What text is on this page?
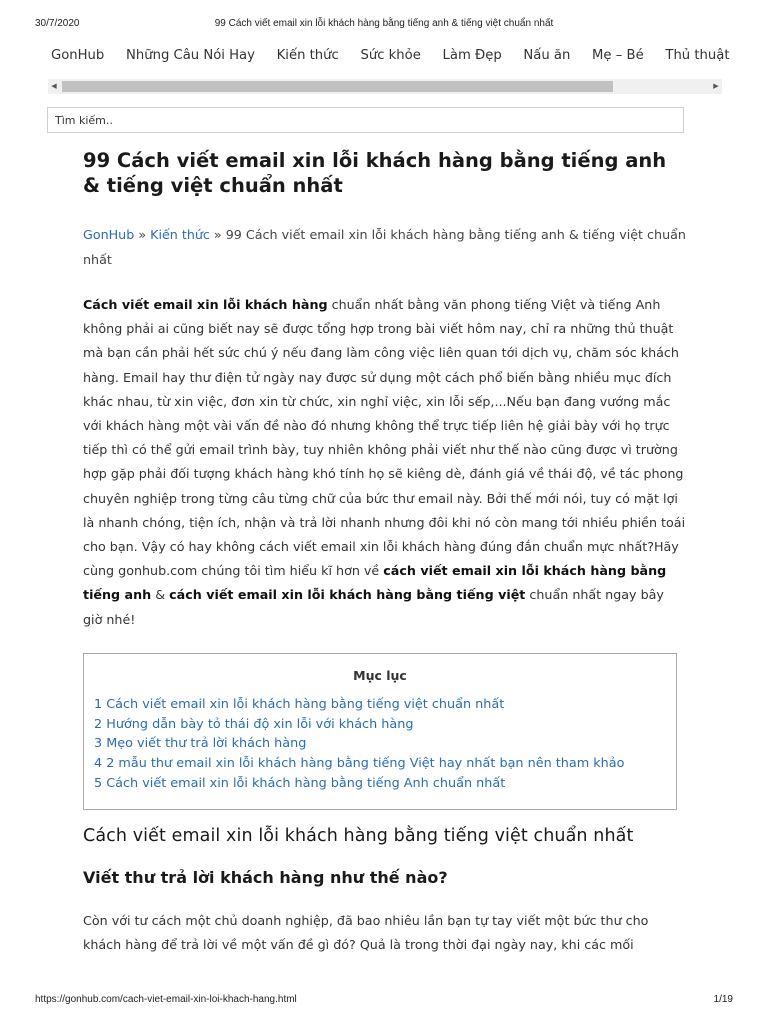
30/7/2020	99 Cách viết email xin lỗi khách hàng bằng tiếng anh & tiếng việt chuẩn nhất
GonHub Những Câu Nói Hay Kiến thức Sức khỏe Làm Đẹp Nấu ăn Mẹ – Bé Thủ thuật
◀	▶
Tìm kiếm..
99 Cách viết email xin lỗi khách hàng bằng tiếng anh & tiếng việt chuẩn nhất
GonHub » Kiến thức » 99 Cách viết email xin lỗi khách hàng bằng tiếng anh & tiếng việt chuẩn nhất

Cách viết email xin lỗi khách hàng chuẩn nhất bằng văn phong tiếng Việt và tiếng Anh không phải ai cũng biết nay sẽ được tổng hợp trong bài viết hôm nay, chỉ ra những thủ thuật mà bạn cần phải hết sức chú ý nếu đang làm công việc liên quan tới dịch vụ, chăm sóc khách hàng. Email hay thư điện tử ngày nay được sử dụng một cách phổ biến bằng nhiều mục đích khác nhau, từ xin việc, đơn xin từ chức, xin nghỉ việc, xin lỗi sếp,...Nếu bạn đang vướng mắc với khách hàng một vài vấn đề nào đó nhưng không thể trực tiếp liên hệ giải bày với họ trực tiếp thì có thể gửi email trình bày, tuy nhiên không phải viết như thế nào cũng được vì trường hợp gặp phải đối tượng khách hàng khó tính họ sẽ kiêng dè, đánh giá về thái độ, về tác phong chuyên nghiệp trong từng câu từng chữ của bức thư email này. Bởi thế mới nói, tuy có mặt lợi là nhanh chóng, tiện ích, nhận và trả lời nhanh nhưng đôi khi nó còn mang tới nhiều phiền toái cho bạn. Vậy có hay không cách viết email xin lỗi khách hàng đúng đắn chuẩn mực nhất?Hãy cùng gonhub.com chúng tôi tìm hiểu kĩ hơn về cách viết email xin lỗi khách hàng bằng tiếng anh & cách viết email xin lỗi khách hàng bằng tiếng việt chuẩn nhất ngay bây giờ nhé!

Mục lục
1 Cách viết email xin lỗi khách hàng bằng tiếng việt chuẩn nhất
2 Hướng dẫn bày tỏ thái độ xin lỗi với khách hàng
3 Mẹo viết thư trả lời khách hàng
4 2 mẫu thư email xin lỗi khách hàng bằng tiếng Việt hay nhất bạn nên tham khảo
5 Cách viết email xin lỗi khách hàng bằng tiếng Anh chuẩn nhất
Cách viết email xin lỗi khách hàng bằng tiếng việt chuẩn nhất
Viết thư trả lời khách hàng như thế nào?

Còn với tư cách một chủ doanh nghiệp, đã bao nhiêu lần bạn tự tay viết một bức thư cho khách hàng để trả lời về một vấn đề gì đó? Quả là trong thời đại ngày nay, khi các mối

https://gonhub.com/cach-viet-email-xin-loi-khach-hang.html	1/19
